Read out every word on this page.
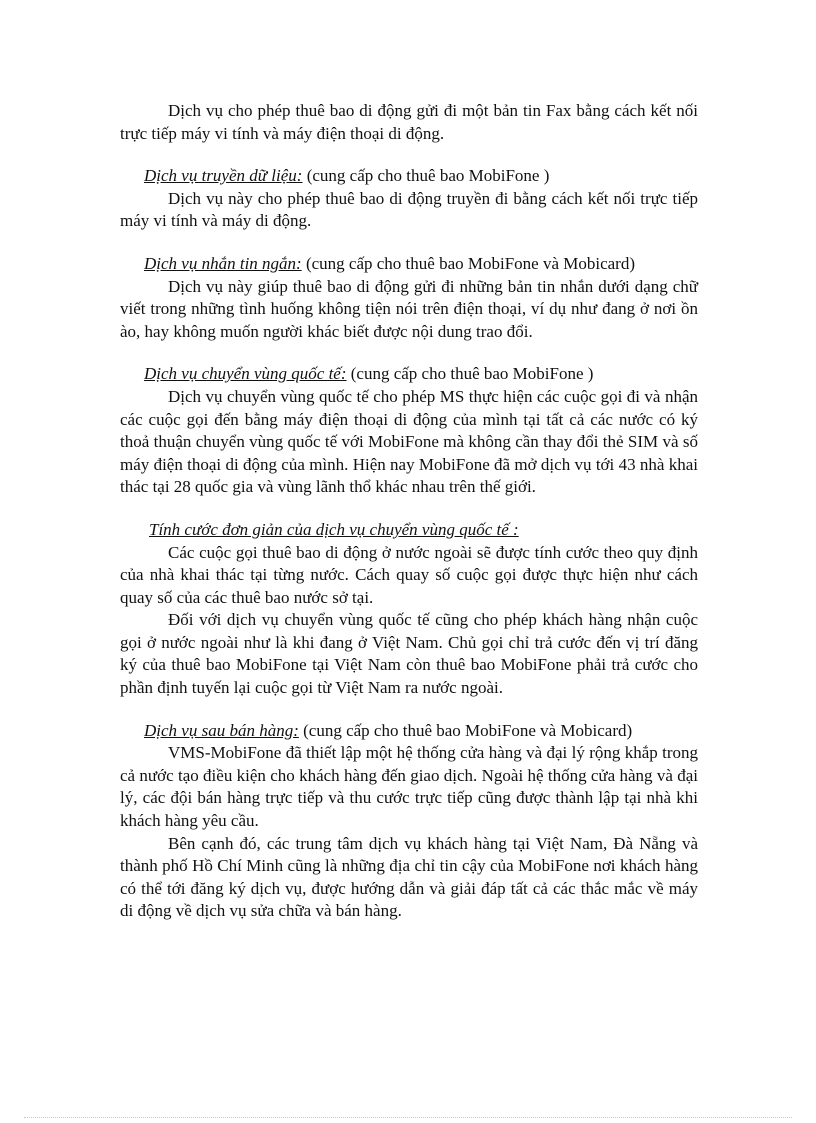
Dịch vụ cho phép thuê bao di động gửi đi một bản tin Fax bằng cách kết nối trực tiếp máy vi tính và máy điện thoại di động.

Dịch vụ truyền dữ liệu: (cung cấp cho thuê bao MobiFone )

Dịch vụ này cho phép thuê bao di động truyền đi bằng cách kết nối trực tiếp máy vi tính và máy di động.

Dịch vụ nhắn tin ngắn: (cung cấp cho thuê bao MobiFone và Mobicard)

Dịch vụ này giúp thuê bao di động gửi đi những bản tin nhắn dưới dạng chữ viết trong những tình huống không tiện nói trên điện thoại, ví dụ như đang ở nơi ồn ào, hay không muốn người khác biết được nội dung trao đổi.

Dịch vụ chuyển vùng quốc tế: (cung cấp cho thuê bao MobiFone )

Dịch vụ chuyển vùng quốc tế cho phép MS thực hiện các cuộc gọi đi và nhận các cuộc gọi đến bằng máy điện thoại di động của mình tại tất cả các nước có ký thoả thuận chuyển vùng quốc tế với MobiFone mà không cần thay đổi thẻ SIM và số máy điện thoại di động của mình. Hiện nay MobiFone đã mở dịch vụ tới 43 nhà khai thác tại 28 quốc gia và vùng lãnh thổ khác nhau trên thế giới.

Tính cước đơn giản của dịch vụ chuyển vùng quốc tế :

Các cuộc gọi thuê bao di động ở nước ngoài sẽ được tính cước theo quy định của nhà khai thác tại từng nước. Cách quay số cuộc gọi được thực hiện như cách quay số của các thuê bao nước sở tại.

Đối với dịch vụ chuyển vùng quốc tế cũng cho phép khách hàng nhận cuộc gọi ở nước ngoài như là khi đang ở Việt Nam. Chủ gọi chỉ trả cước đến vị trí đăng ký của thuê bao MobiFone tại Việt Nam còn thuê bao MobiFone phải trả cước cho phần định tuyến lại cuộc gọi từ Việt Nam ra nước ngoài.

Dịch vụ sau bán hàng: (cung cấp cho thuê bao MobiFone và Mobicard)

VMS-MobiFone đã thiết lập một hệ thống cửa hàng và đại lý rộng khắp trong cả nước tạo điều kiện cho khách hàng đến giao dịch. Ngoài hệ thống cửa hàng và đại lý, các đội bán hàng trực tiếp và thu cước trực tiếp cũng được thành lập tại nhà khi khách hàng yêu cầu.

Bên cạnh đó, các trung tâm dịch vụ khách hàng tại Việt Nam, Đà Nẵng và thành phố Hồ Chí Minh cũng là những địa chỉ tin cậy của MobiFone nơi khách hàng có thể tới đăng ký dịch vụ, được hướng dẫn và giải đáp tất cả các thắc mắc về máy di động về dịch vụ sửa chữa và bán hàng.
